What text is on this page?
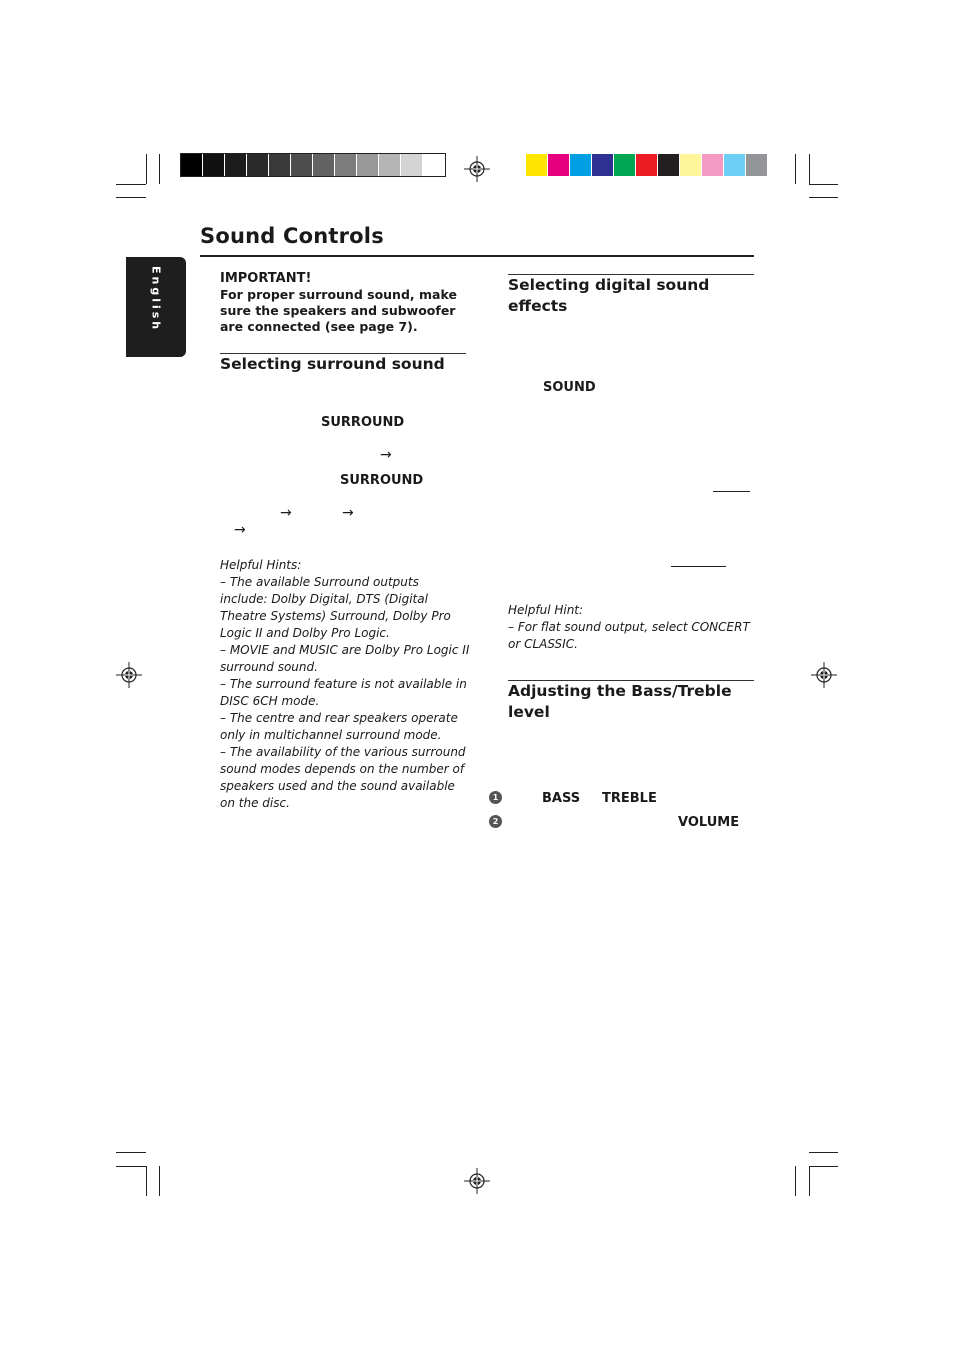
Sound Controls
English	IMPORTANT!
For proper surround sound, make sure the speakers and subwoofer are connected (see page 7).
Selecting surround sound
SURROUND
→
SURROUND
→	→
→
Helpful Hints:
– The available Surround outputs include: Dolby Digital, DTS (Digital Theatre Systems) Surround, Dolby Pro Logic II and Dolby Pro Logic.
– MOVIE and MUSIC are Dolby Pro Logic II surround sound.
– The surround feature is not available in DISC 6CH mode.
– The centre and rear speakers operate only in multichannel surround mode.
– The availability of the various surround sound modes depends on the number of speakers used and the sound available on the disc.
Selecting digital sound effects
SOUND
Helpful Hint:
– For flat sound output, select CONCERT or CLASSIC.
Adjusting the Bass/Treble level
1	BASS TREBLE
2	VOLUME
